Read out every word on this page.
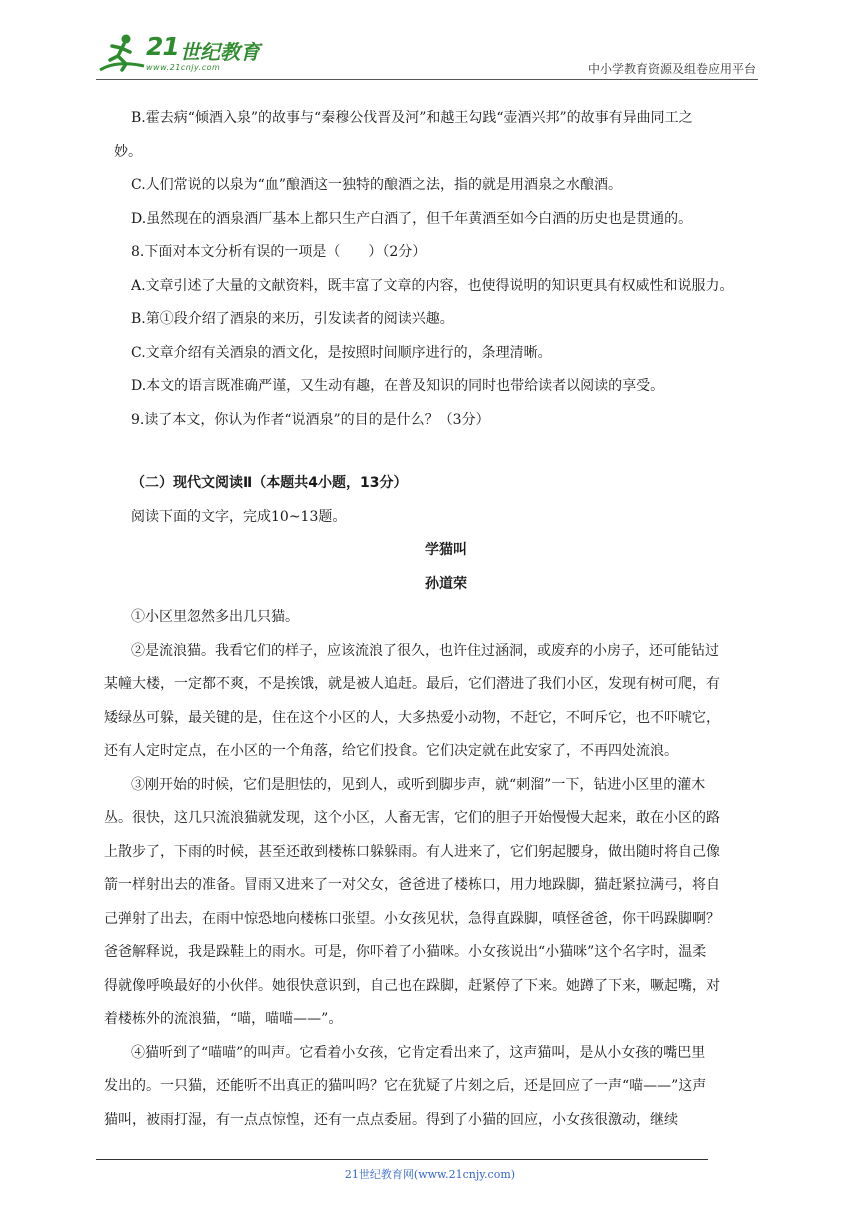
21 世纪教育
www.21cnjy.com	中小学教育资源及组卷应用平台

B.霍去病“倾酒入泉”的故事与“秦穆公伐晋及河”和越王勾践“壶酒兴邦”的故事有异曲同工之

妙。

C.人们常说的以泉为“血”酿酒这一独特的酿酒之法，指的就是用酒泉之水酿酒。

D.虽然现在的酒泉酒厂基本上都只生产白酒了，但千年黄酒至如今白酒的历史也是贯通的。

8.下面对本文分析有误的一项是（　　）（2分）

A.文章引述了大量的文献资料，既丰富了文章的内容，也使得说明的知识更具有权威性和说服力。

B.第①段介绍了酒泉的来历，引发读者的阅读兴趣。

C.文章介绍有关酒泉的酒文化，是按照时间顺序进行的，条理清晰。

D.本文的语言既准确严谨，又生动有趣，在普及知识的同时也带给读者以阅读的享受。

9.读了本文，你认为作者“说酒泉”的目的是什么？（3分）

（二）现代文阅读Ⅱ（本题共4小题，13分）

阅读下面的文字，完成10~13题。

学猫叫

孙道荣

①小区里忽然多出几只猫。

②是流浪猫。我看它们的样子，应该流浪了很久，也许住过涵洞，或废弃的小房子，还可能钻过

某幢大楼，一定都不爽，不是挨饿，就是被人追赶。最后，它们潜进了我们小区，发现有树可爬，有

矮绿丛可躲，最关键的是，住在这个小区的人，大多热爱小动物，不赶它，不呵斥它，也不吓唬它，

还有人定时定点，在小区的一个角落，给它们投食。它们决定就在此安家了，不再四处流浪。

③刚开始的时候，它们是胆怯的，见到人，或听到脚步声，就“刺溜”一下，钻进小区里的灌木

丛。很快，这几只流浪猫就发现，这个小区，人畜无害，它们的胆子开始慢慢大起来，敢在小区的路

上散步了，下雨的时候，甚至还敢到楼栋口躲躲雨。有人进来了，它们躬起腰身，做出随时将自己像

箭一样射出去的准备。冒雨又进来了一对父女，爸爸进了楼栋口，用力地跺脚，猫赶紧拉满弓，将自

己弹射了出去，在雨中惊恐地向楼栋口张望。小女孩见状，急得直跺脚，嗔怪爸爸，你干吗跺脚啊？

爸爸解释说，我是跺鞋上的雨水。可是，你吓着了小猫咪。小女孩说出“小猫咪”这个名字时，温柔

得就像呼唤最好的小伙伴。她很快意识到，自己也在跺脚，赶紧停了下来。她蹲了下来，噘起嘴，对

着楼栋外的流浪猫，“喵，喵喵——”。

④猫听到了“喵喵”的叫声。它看着小女孩，它肯定看出来了，这声猫叫，是从小女孩的嘴巴里

发出的。一只猫，还能听不出真正的猫叫吗？它在犹疑了片刻之后，还是回应了一声“喵——”这声

猫叫，被雨打湿，有一点点惊惶，还有一点点委屈。得到了小猫的回应，小女孩很激动，继续

21世纪教育网(www.21cnjy.com)
